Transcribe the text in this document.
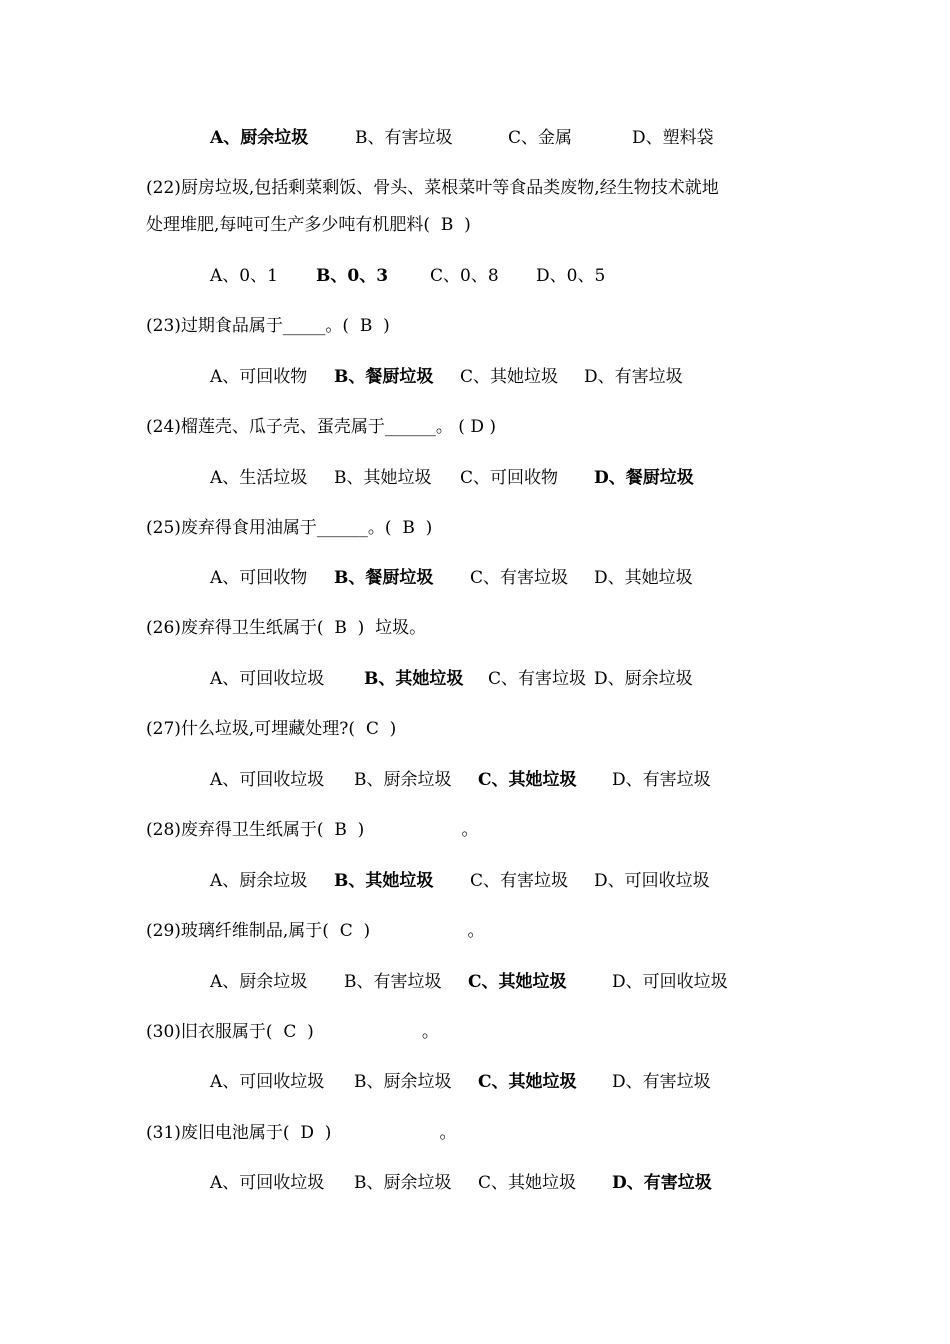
A、厨余垃圾	B、有害垃圾	C、金属	D、塑料袋
(22)厨房垃圾,包括剩菜剩饭、骨头、菜根菜叶等食品类废物,经生物技术就地
处理堆肥,每吨可生产多少吨有机肥料(  B  )
A、0、1 B、0、3 C、0、8 D、0、5
(23)过期食品属于_____。(  B  )
A、可回收物 B、餐厨垃圾 C、其她垃圾 D、有害垃圾
(24)榴莲壳、瓜子壳、蛋壳属于______。 ( D )
A、生活垃圾 B、其她垃圾 C、可回收物 D、餐厨垃圾
(25)废弃得食用油属于______。(  B  )
A、可回收物 B、餐厨垃圾 C、有害垃圾 D、其她垃圾
(26)废弃得卫生纸属于(  B  )  垃圾。
A、可回收垃圾 B、其她垃圾 C、有害垃圾 D、厨余垃圾
(27)什么垃圾,可埋藏处理?(  C  )
A、可回收垃圾 B、厨余垃圾 C、其她垃圾 D、有害垃圾
(28)废弃得卫生纸属于(  B  )                  。
A、厨余垃圾 B、其她垃圾 C、有害垃圾 D、可回收垃圾
(29)玻璃纤维制品,属于(  C  )                  。
A、厨余垃圾 B、有害垃圾 C、其她垃圾	D、可回收垃圾
(30)旧衣服属于(  C  )                    。
A、可回收垃圾 B、厨余垃圾 C、其她垃圾 D、有害垃圾
(31)废旧电池属于(  D  )                    。
A、可回收垃圾 B、厨余垃圾 C、其她垃圾 D、有害垃圾
